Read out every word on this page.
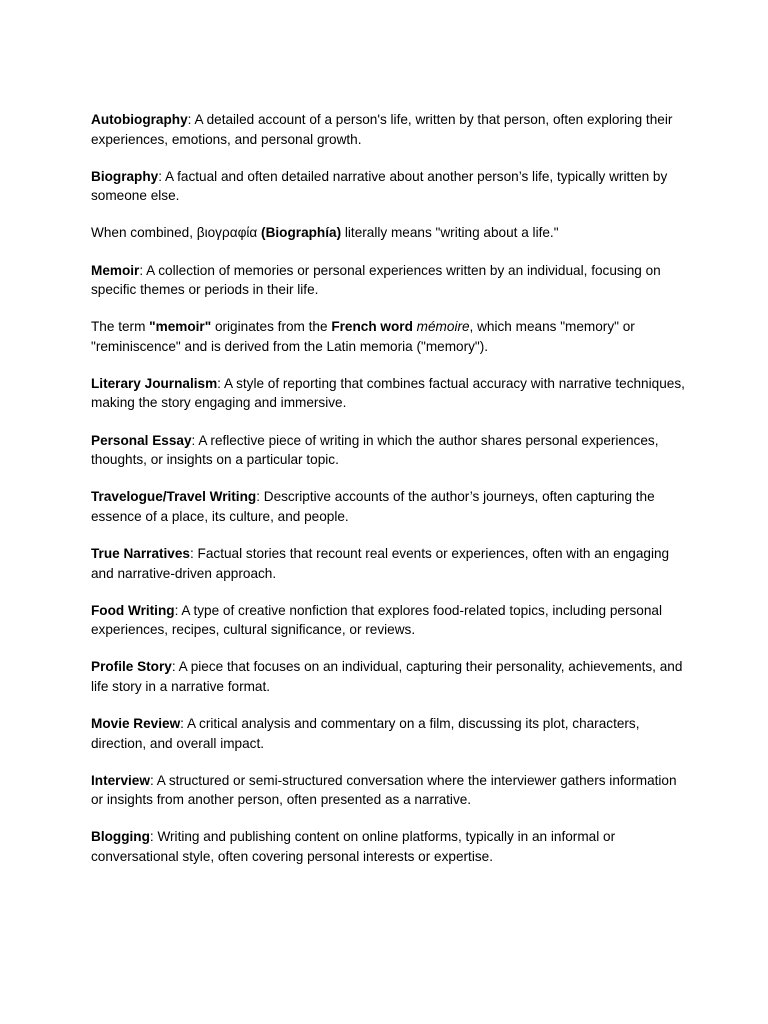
Autobiography: A detailed account of a person's life, written by that person, often exploring their experiences, emotions, and personal growth.

Biography: A factual and often detailed narrative about another person’s life, typically written by someone else.

When combined, βιογραφία (Biographía) literally means "writing about a life."

Memoir: A collection of memories or personal experiences written by an individual, focusing on specific themes or periods in their life.

The term "memoir" originates from the French word mémoire, which means "memory" or "reminiscence" and is derived from the Latin memoria ("memory").

Literary Journalism: A style of reporting that combines factual accuracy with narrative techniques, making the story engaging and immersive.

Personal Essay: A reflective piece of writing in which the author shares personal experiences, thoughts, or insights on a particular topic.

Travelogue/Travel Writing: Descriptive accounts of the author’s journeys, often capturing the essence of a place, its culture, and people.

True Narratives: Factual stories that recount real events or experiences, often with an engaging and narrative-driven approach.

Food Writing: A type of creative nonfiction that explores food-related topics, including personal experiences, recipes, cultural significance, or reviews.

Profile Story: A piece that focuses on an individual, capturing their personality, achievements, and life story in a narrative format.

Movie Review: A critical analysis and commentary on a film, discussing its plot, characters, direction, and overall impact.

Interview: A structured or semi-structured conversation where the interviewer gathers information or insights from another person, often presented as a narrative.

Blogging: Writing and publishing content on online platforms, typically in an informal or conversational style, often covering personal interests or expertise.
